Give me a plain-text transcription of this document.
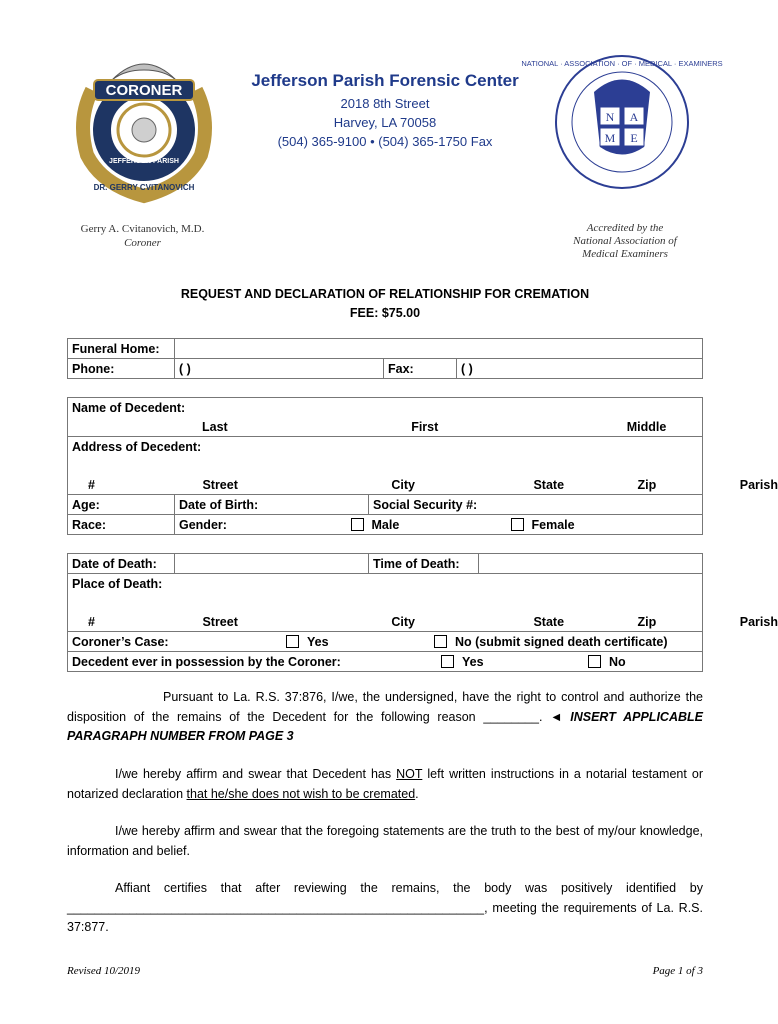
CORONER
JEFFERSON PARISH
DR. GERRY CVITANOVICH
NATIONAL · ASSOCIATION · OF · MEDICAL · EXAMINERS
N A
M E
Jefferson Parish Forensic Center
2018 8th Street
Harvey, LA 70058
(504) 365-9100 • (504) 365-1750 Fax
Gerry A. Cvitanovich, M.D.
Coroner
Accredited by the
National Association of
Medical Examiners
REQUEST AND DECLARATION OF RELATIONSHIP FOR CREMATION
FEE: $75.00
Funeral Home:			
Phone:	( )	Fax:	( )
Name of Decedent:		
Last First Middle		
Address of Decedent:		

# Street City State Zip Parish		
Age:	Date of Birth:	Social Security #:
Race:	Gender: Male Female	
Date of Death:		Time of Death:	
Place of Death:

#	Street	City	State	Zip	Parish
Coroner’s Case:	Yes	No (submit signed death certificate)

Decedent ever in possession by the Coroner:	Yes	No
Pursuant to La. R.S. 37:876, I/we, the undersigned, have the right to control and authorize the disposition of the remains of the Decedent for the following reason ________. ◄ INSERT APPLICABLE PARAGRAPH NUMBER FROM PAGE 3
I/we hereby affirm and swear that Decedent has NOT left written instructions in a notarial testament or notarized declaration that he/she does not wish to be cremated.
I/we hereby affirm and swear that the foregoing statements are the truth to the best of my/our knowledge, information and belief.
Affiant certifies that after reviewing the remains, the body was positively identified by ____________________________________________________________, meeting the requirements of La. R.S. 37:877.
Revised 10/2019	Page 1 of 3
